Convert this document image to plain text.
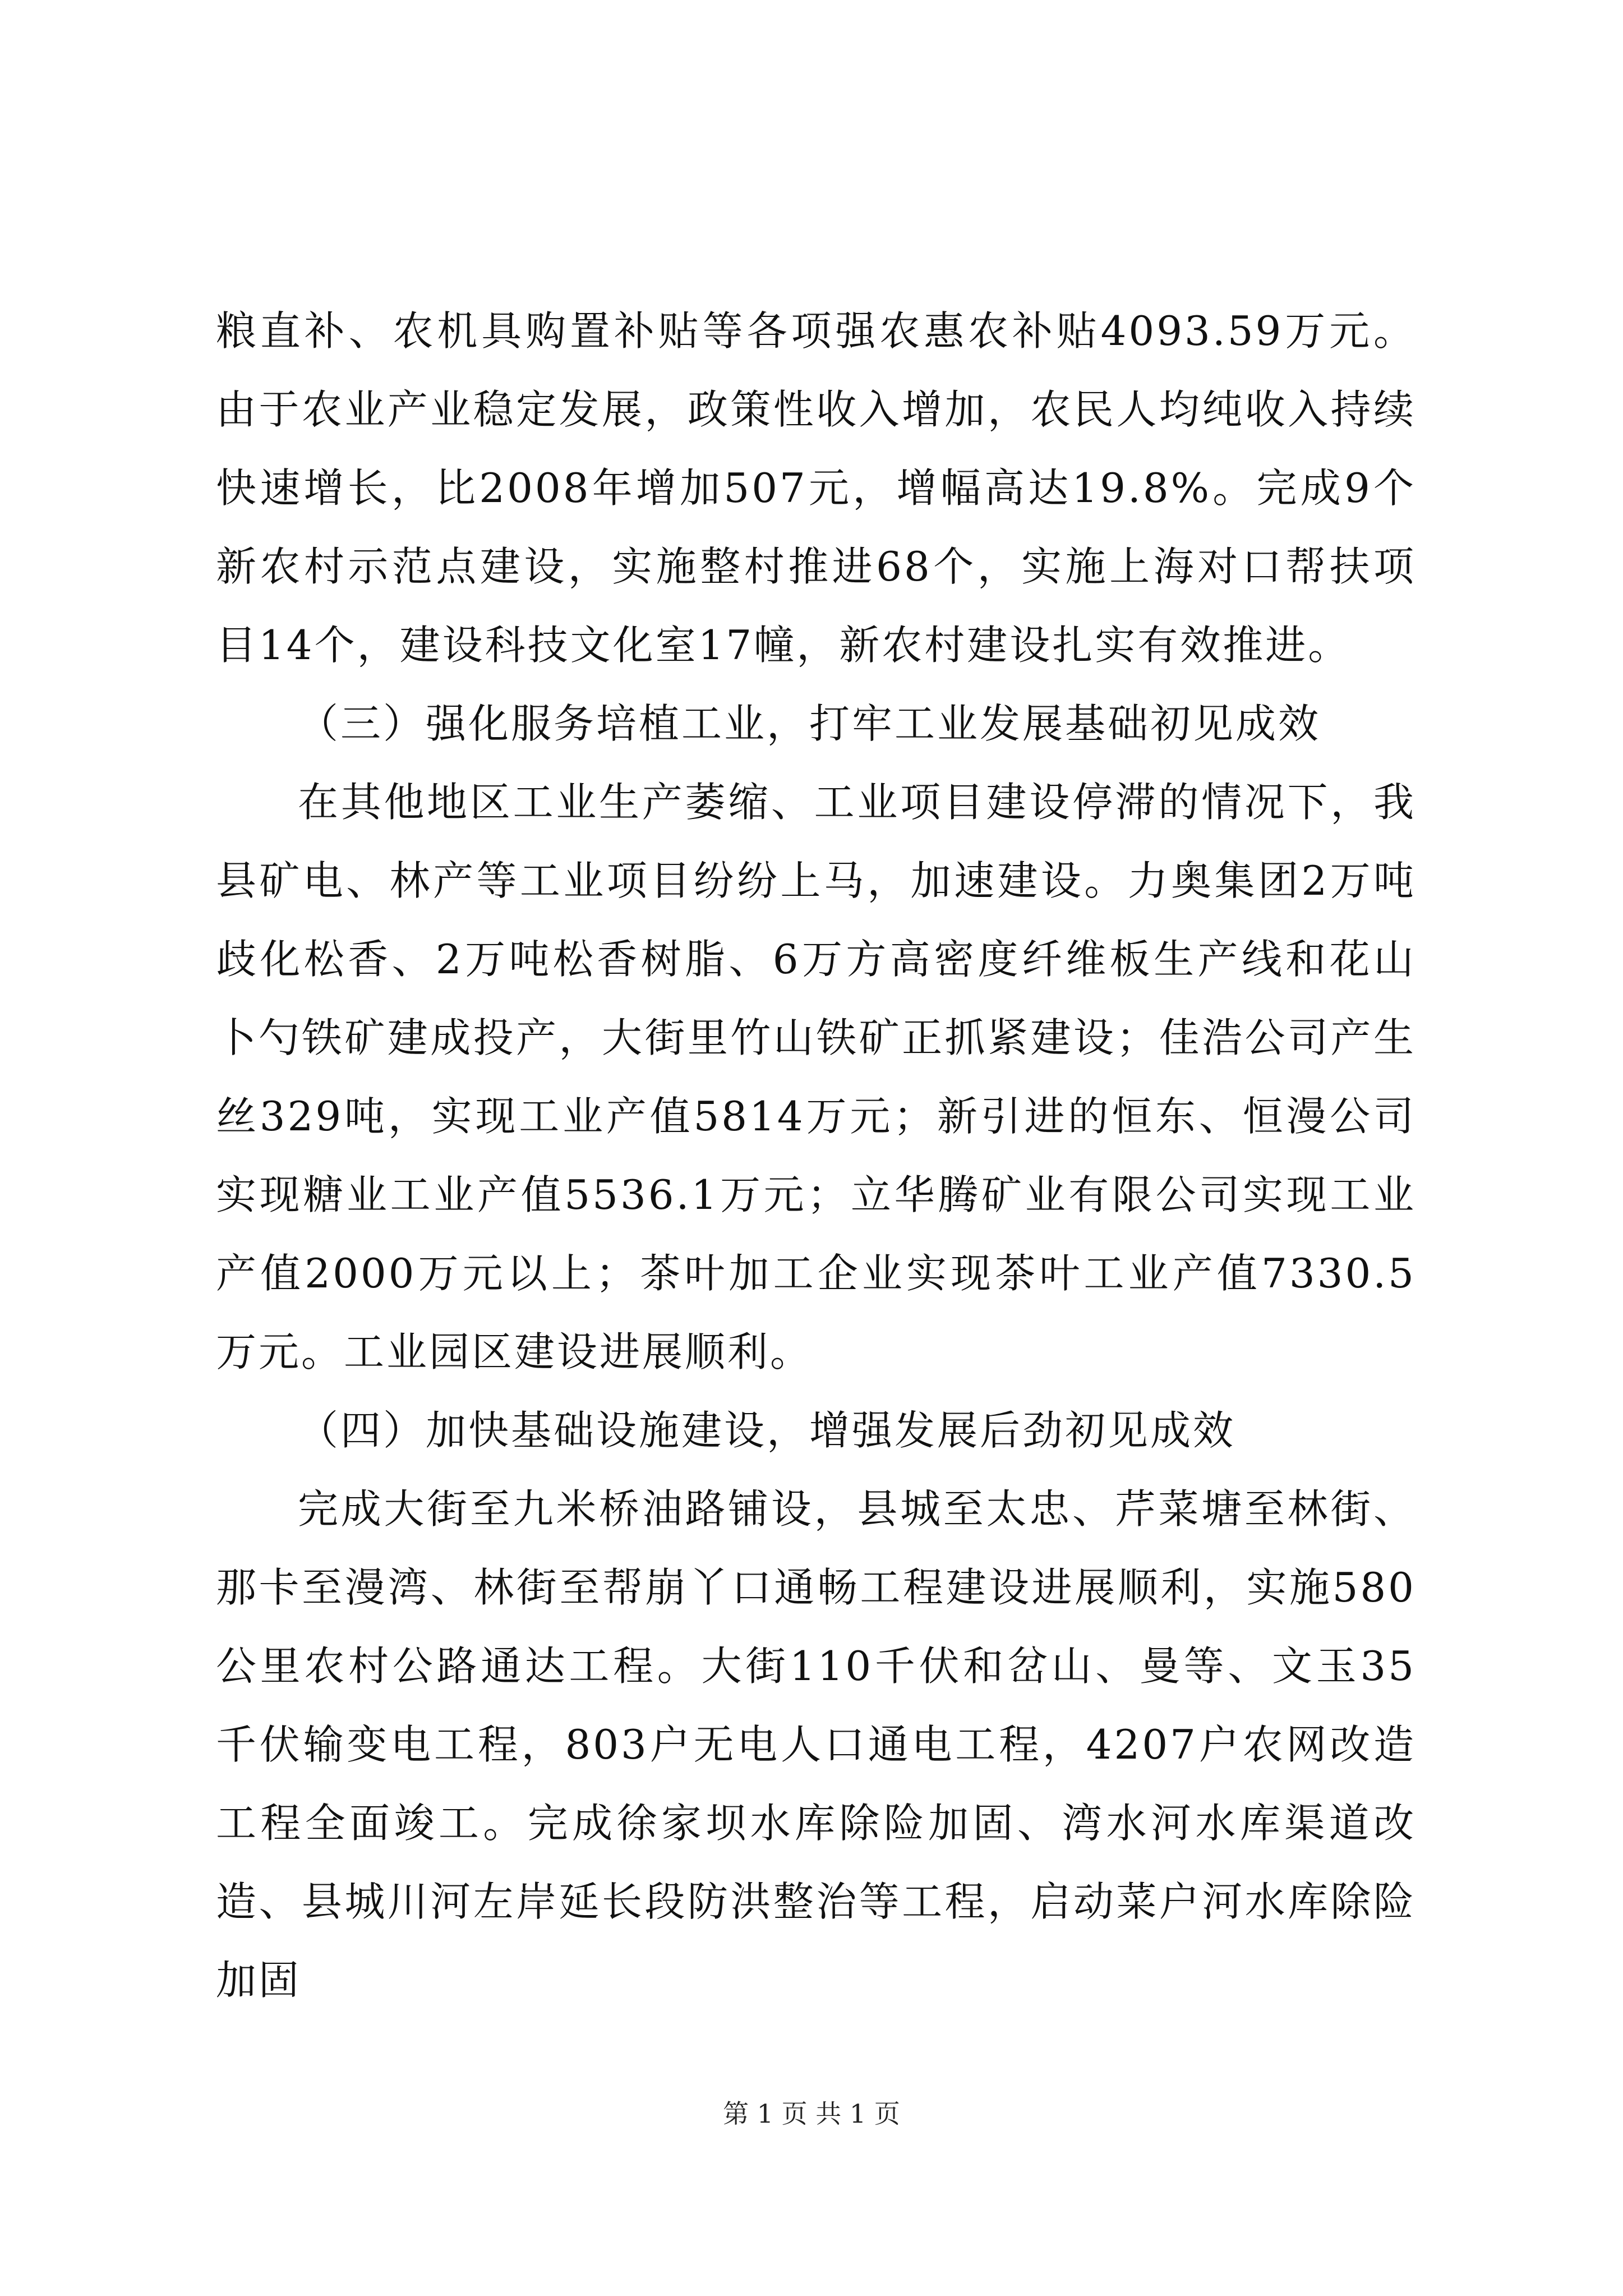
粮直补、农机具购置补贴等各项强农惠农补贴4093.59万元。由于农业产业稳定发展，政策性收入增加，农民人均纯收入持续快速增长，比2008年增加507元，增幅高达19.8%。完成9个新农村示范点建设，实施整村推进68个，实施上海对口帮扶项目14个，建设科技文化室17幢，新农村建设扎实有效推进。

（三）强化服务培植工业，打牢工业发展基础初见成效

在其他地区工业生产萎缩、工业项目建设停滞的情况下，我县矿电、林产等工业项目纷纷上马，加速建设。力奥集团2万吨歧化松香、2万吨松香树脂、6万方高密度纤维板生产线和花山卜勺铁矿建成投产，大街里竹山铁矿正抓紧建设；佳浩公司产生丝329吨，实现工业产值5814万元；新引进的恒东、恒漫公司实现糖业工业产值5536.1万元；立华腾矿业有限公司实现工业产值2000万元以上；茶叶加工企业实现茶叶工业产值7330.5万元。工业园区建设进展顺利。

（四）加快基础设施建设，增强发展后劲初见成效

完成大街至九米桥油路铺设，县城至太忠、芹菜塘至林街、那卡至漫湾、林街至帮崩丫口通畅工程建设进展顺利，实施580公里农村公路通达工程。大街110千伏和岔山、曼等、文玉35千伏输变电工程，803户无电人口通电工程，4207户农网改造工程全面竣工。完成徐家坝水库除险加固、湾水河水库渠道改造、县城川河左岸延长段防洪整治等工程，启动菜户河水库除险加固

第 1 页 共 1 页
